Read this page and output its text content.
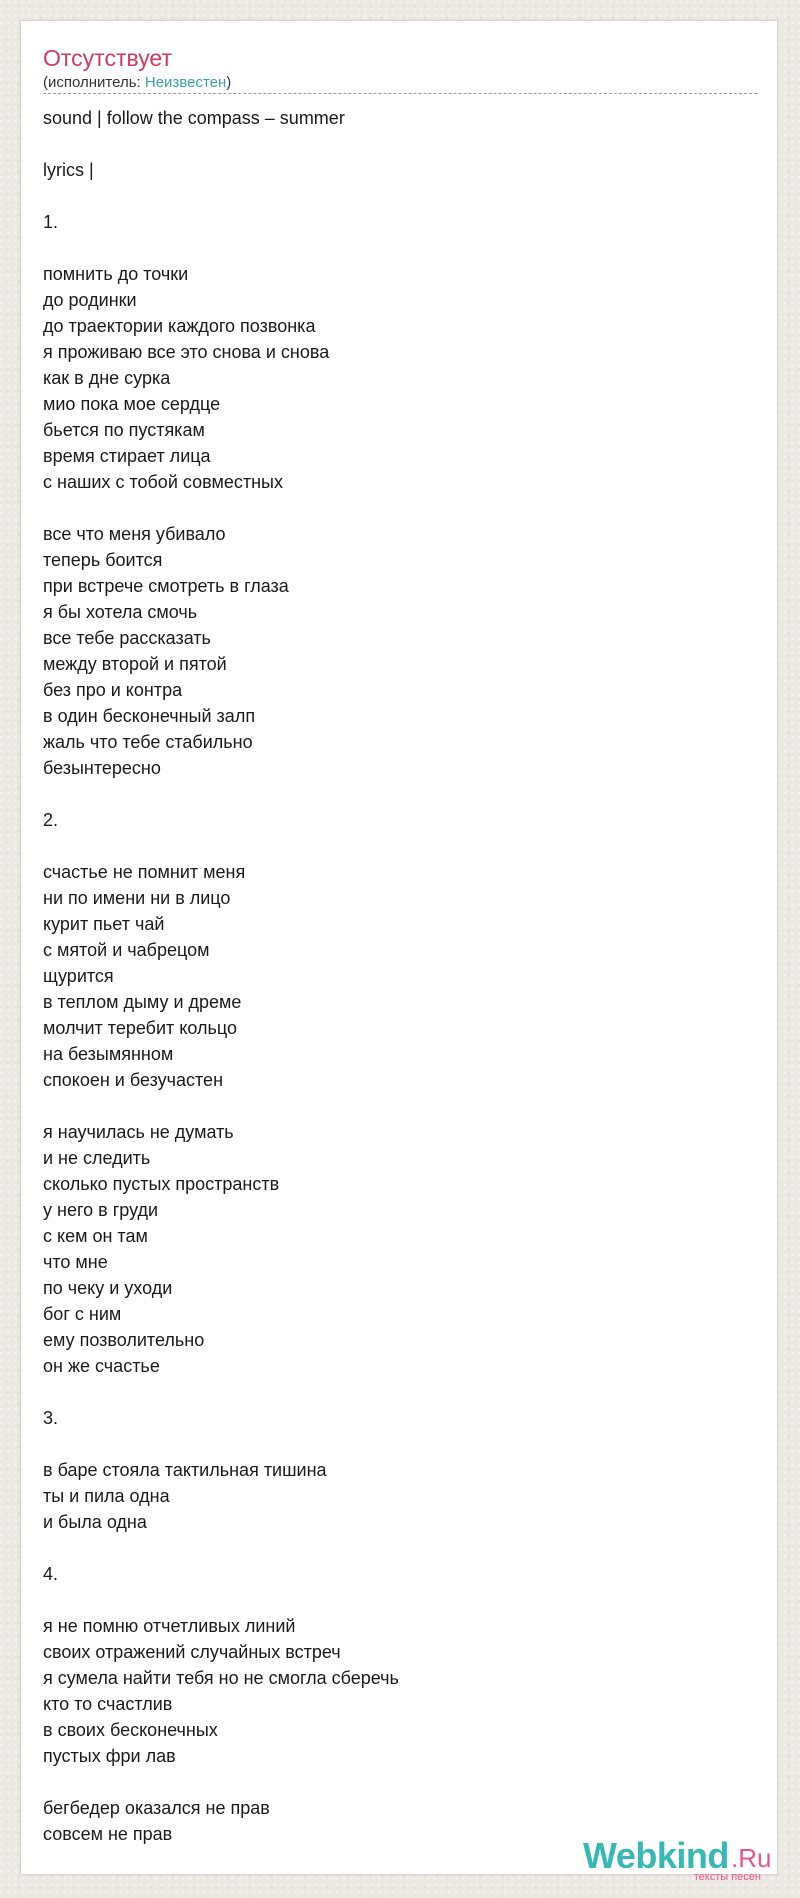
Отсутствует
(исполнитель: Неизвестен)
sound | follow the compass – summer

lyrics |

1.

помнить до точки
до родинки
до траектории каждого позвонка
я проживаю все это снова и снова
как в дне сурка
мио пока мое сердце
бьется по пустякам
время стирает лица
с наших с тобой совместных

все что меня убивало
теперь боится
при встрече смотреть в глаза
я бы хотела смочь
все тебе рассказать
между второй и пятой
без про и контра
в один бесконечный залп
жаль что тебе стабильно
безынтересно

2.

счастье не помнит меня
ни по имени ни в лицо
курит пьет чай
с мятой и чабрецом
щурится
в теплом дыму и дреме
молчит теребит кольцо
на безымянном
спокоен и безучастен

я научилась не думать
и не следить
сколько пустых пространств
у него в груди
с кем он там
что мне
по чеку и уходи
бог с ним
ему позволительно
он же счастье

3.

в баре стояла тактильная тишина
ты и пила одна
и была одна

4.

я не помню отчетливых линий
своих отражений случайных встреч
я сумела найти тебя но не смогла сберечь
кто то счастлив
в своих бесконечных
пустых фри лав

бегбедер оказался не прав
совсем не прав
Webkind .Ru
тексты песен
